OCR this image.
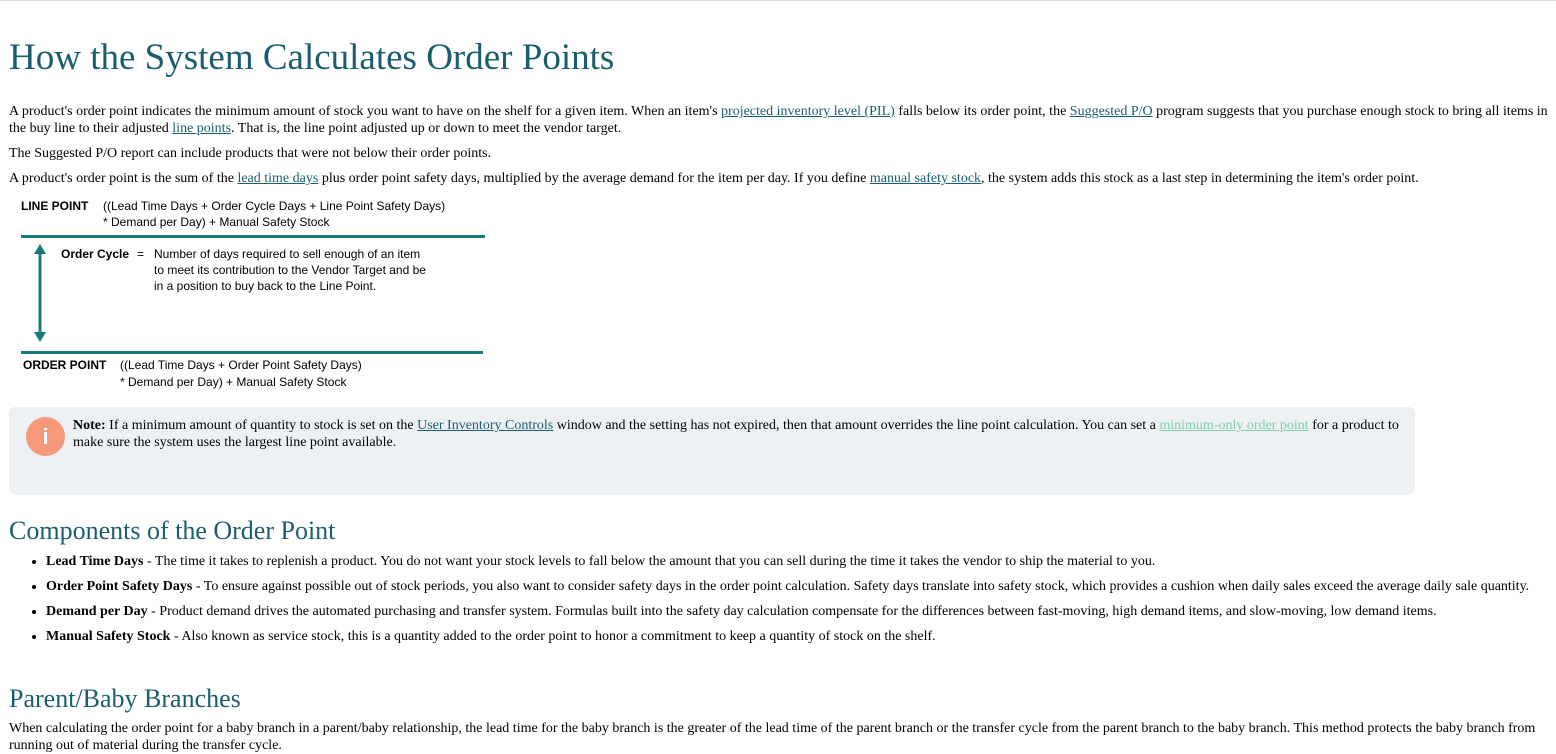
How the System Calculates Order Points

A product's order point indicates the minimum amount of stock you want to have on the shelf for a given item. When an item's projected inventory level (PIL) falls below its order point, the Suggested P/O program suggests that you purchase enough stock to bring all items in the buy line to their adjusted line points. That is, the line point adjusted up or down to meet the vendor target.

The Suggested P/O report can include products that were not below their order points.

A product's order point is the sum of the lead time days plus order point safety days, multiplied by the average demand for the item per day. If you define manual safety stock, the system adds this stock as a last step in determining the item's order point.

LINE POINT ((Lead Time Days + Order Cycle Days + Line Point Safety Days)
* Demand per Day) + Manual Safety Stock
Order Cycle = Number of days required to sell enough of an item
to meet its contribution to the Vendor Target and be
in a position to buy back to the Line Point.
ORDER POINT ((Lead Time Days + Order Point Safety Days)
* Demand per Day) + Manual Safety Stock
i	Note: If a minimum amount of quantity to stock is set on the User Inventory Controls window and the setting has not expired, then that amount overrides the line point calculation. You can set a minimum-only order point for a product to make sure the system uses the largest line point available.
Components of the Order Point
• Lead Time Days - The time it takes to replenish a product. You do not want your stock levels to fall below the amount that you can sell during the time it takes the vendor to ship the material to you.
• Order Point Safety Days - To ensure against possible out of stock periods, you also want to consider safety days in the order point calculation. Safety days translate into safety stock, which provides a cushion when daily sales exceed the average daily sale quantity.
• Demand per Day - Product demand drives the automated purchasing and transfer system. Formulas built into the safety day calculation compensate for the differences between fast-moving, high demand items, and slow-moving, low demand items.
• Manual Safety Stock - Also known as service stock, this is a quantity added to the order point to honor a commitment to keep a quantity of stock on the shelf.
Parent/Baby Branches

When calculating the order point for a baby branch in a parent/baby relationship, the lead time for the baby branch is the greater of the lead time of the parent branch or the transfer cycle from the parent branch to the baby branch. This method protects the baby branch from running out of material during the transfer cycle.
